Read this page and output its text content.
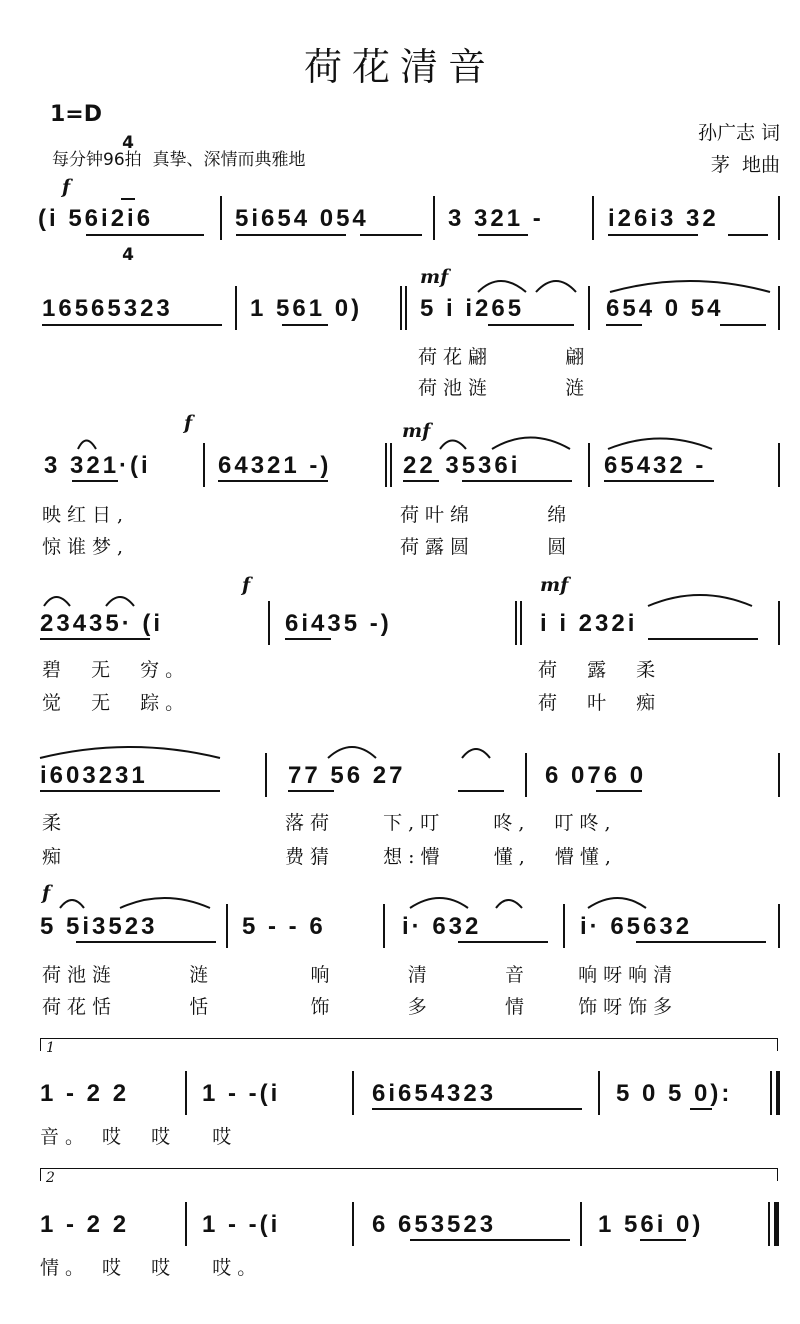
荷花清音
1=D

4

4

每分钟96拍  真挚、深情而典雅地
孙广志 词
茅  地曲
f
(i 56i2i6	5i654 054	3 321 -	i26i3 32
mf
16565323	1 561 0) 5 i i265	654 0 54
荷花翩      翩
荷池涟      涟
f	mf
3 321·(i	64321 -)	22 3536i	65432 -
映红日,
惊谁梦,
荷叶绵      绵
荷露圆      圆
f	mf
23435· (i	6i435 -)	i i 232i
碧  无  穷。
觉  无  踪。
荷  露  柔
荷  叶  痴
i603231	77 56 27	6 076 0
柔
痴
落荷    下,叮    咚,  叮咚,
费猜    想:懵    懂,  懵懂,
f
5 5i3523	5 - - 6	i· 632	i· 65632
荷池涟      涟        响      清      音    响呀响清
荷花恬      恬        饰      多      情    饰呀饰多
1
1 - 2 2	1 - -(i	6i654323	5 0 5 0):
音。 哎  哎   哎
2
1 - 2 2	1 - -(i	6 653523	1 56i 0)
情。 哎  哎   哎。
